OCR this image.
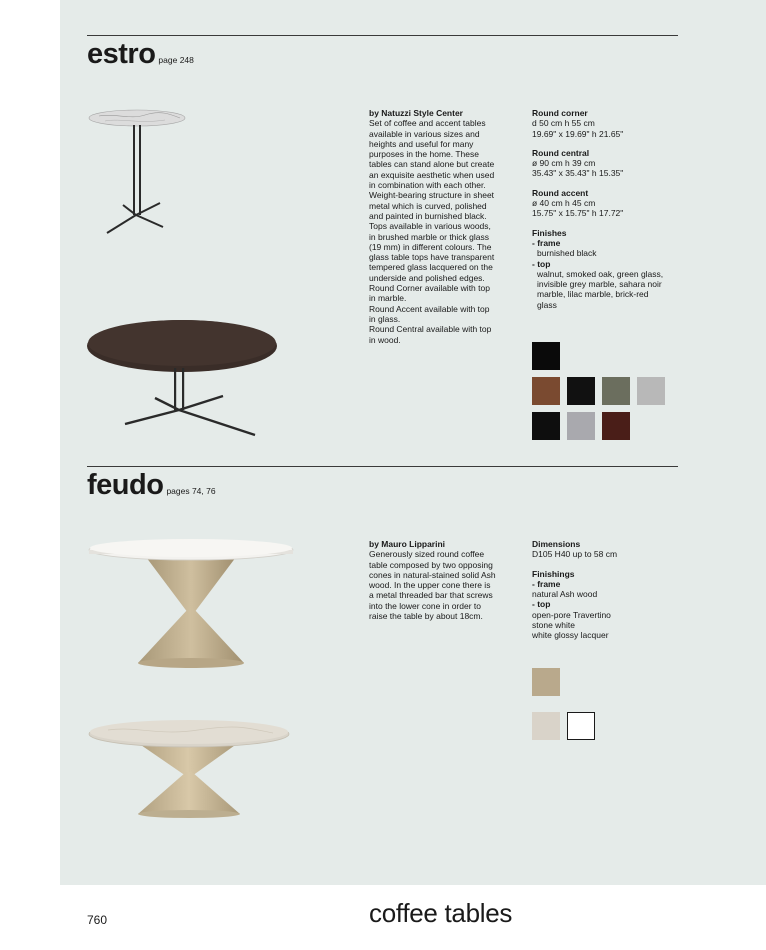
estro page 248
by Natuzzi Style Center
Set of coffee and accent tables
available in various sizes and
heights and useful for many
purposes in the home. These
tables can stand alone but create
an exquisite aesthetic when used
in combination with each other.
Weight-bearing structure in sheet
metal which is curved, polished
and painted in burnished black.
Tops available in various woods,
in brushed marble or thick glass
(19 mm) in different colours. The
glass table tops have transparent
tempered glass lacquered on the
underside and polished edges.
Round Corner available with top
in marble.
Round Accent available with top
in glass.
Round Central available with top
in wood.
Round corner
d 50 cm h 55 cm
19.69" x 19.69" h 21.65"
Round central
ø 90 cm h 39 cm
35.43" x 35.43" h 15.35"
Round accent
ø 40 cm h 45 cm
15.75" x 15.75" h 17.72"
Finishes
- frame

burnished black
- top

walnut, smoked oak, green glass,
invisible grey marble, sahara noir
marble, lilac marble, brick-red
glass
feudo pages 74, 76
by Mauro Lipparini
Generously sized round coffee
table composed by two opposing
cones in natural-stained solid Ash
wood. In the upper cone there is
a metal threaded bar that screws
into the lower cone in order to
raise the table by about 18cm.
Dimensions
D105 H40 up to 58 cm
Finishings
- frame
natural Ash wood
- top
open-pore Travertino
stone white
white glossy lacquer
760	coffee tables
